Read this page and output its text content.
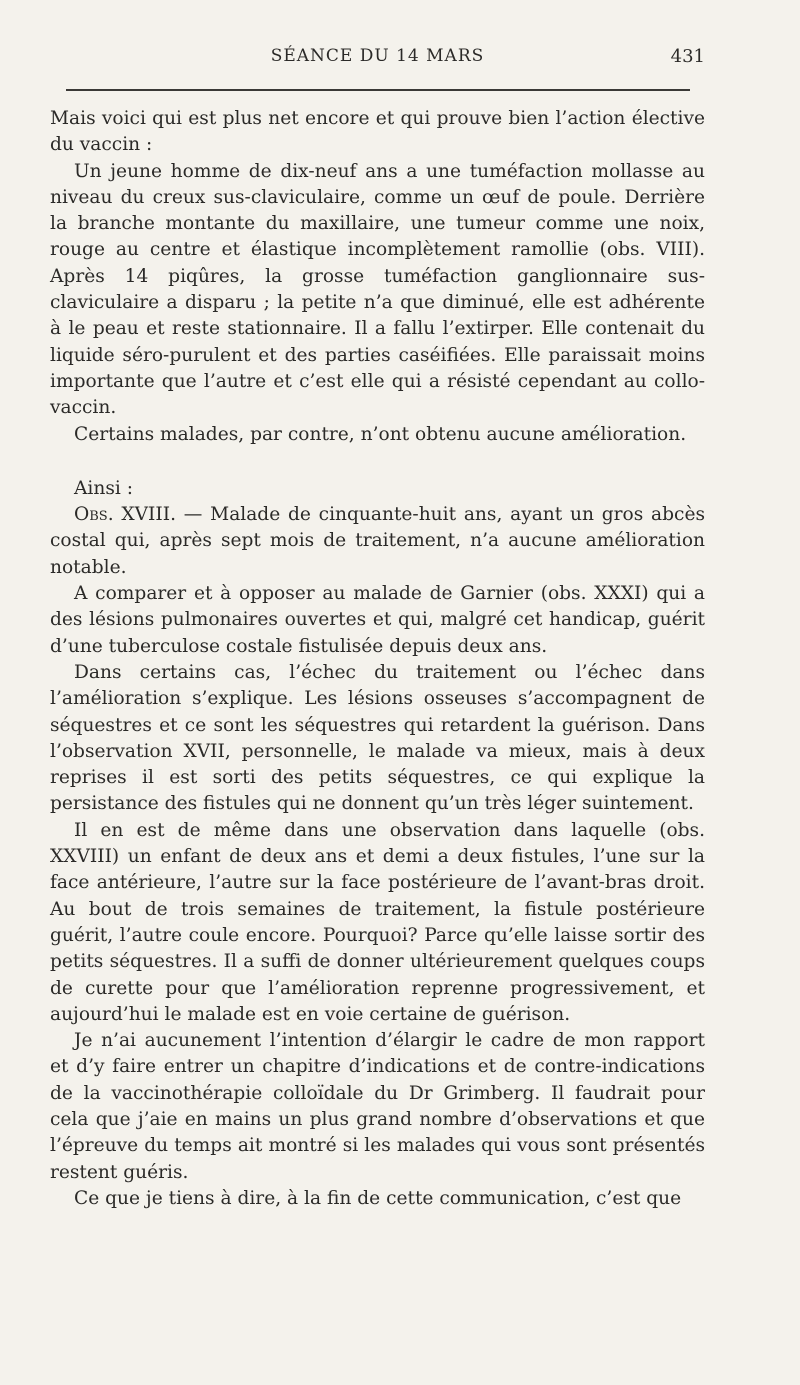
SÉANCE DU 14 MARS	431

Mais voici qui est plus net encore et qui prouve bien l’action élective du vaccin :

Un jeune homme de dix-neuf ans a une tuméfaction mollasse au niveau du creux sus-claviculaire, comme un œuf de poule. Derrière la branche montante du maxillaire, une tumeur comme une noix, rouge au centre et élastique incomplètement ramollie (obs. VIII). Après 14 piqûres, la grosse tuméfaction ganglionnaire sus-claviculaire a disparu ; la petite n’a que diminué, elle est adhérente à le peau et reste stationnaire. Il a fallu l’extirper. Elle contenait du liquide séro-purulent et des parties caséifiées. Elle paraissait moins importante que l’autre et c’est elle qui a résisté cependant au collo-vaccin.

Certains malades, par contre, n’ont obtenu aucune amélioration.

Ainsi :

Obs. XVIII. — Malade de cinquante-huit ans, ayant un gros abcès costal qui, après sept mois de traitement, n’a aucune amélioration notable.

A comparer et à opposer au malade de Garnier (obs. XXXI) qui a des lésions pulmonaires ouvertes et qui, malgré cet handicap, guérit d’une tuberculose costale fistulisée depuis deux ans.

Dans certains cas, l’échec du traitement ou l’échec dans l’amélioration s’explique. Les lésions osseuses s’accompagnent de séquestres et ce sont les séquestres qui retardent la guérison. Dans l’observation XVII, personnelle, le malade va mieux, mais à deux reprises il est sorti des petits séquestres, ce qui explique la persistance des fistules qui ne donnent qu’un très léger suintement.

Il en est de même dans une observation dans laquelle (obs. XXVIII) un enfant de deux ans et demi a deux fistules, l’une sur la face antérieure, l’autre sur la face postérieure de l’avant-bras droit. Au bout de trois semaines de traitement, la fistule postérieure guérit, l’autre coule encore. Pourquoi? Parce qu’elle laisse sortir des petits séquestres. Il a suffi de donner ultérieurement quelques coups de curette pour que l’amélioration reprenne progressivement, et aujourd’hui le malade est en voie certaine de guérison.

Je n’ai aucunement l’intention d’élargir le cadre de mon rapport et d’y faire entrer un chapitre d’indications et de contre-indications de la vaccinothérapie colloïdale du Dr Grimberg. Il faudrait pour cela que j’aie en mains un plus grand nombre d’observations et que l’épreuve du temps ait montré si les malades qui vous sont présentés restent guéris.

Ce que je tiens à dire, à la fin de cette communication, c’est que
